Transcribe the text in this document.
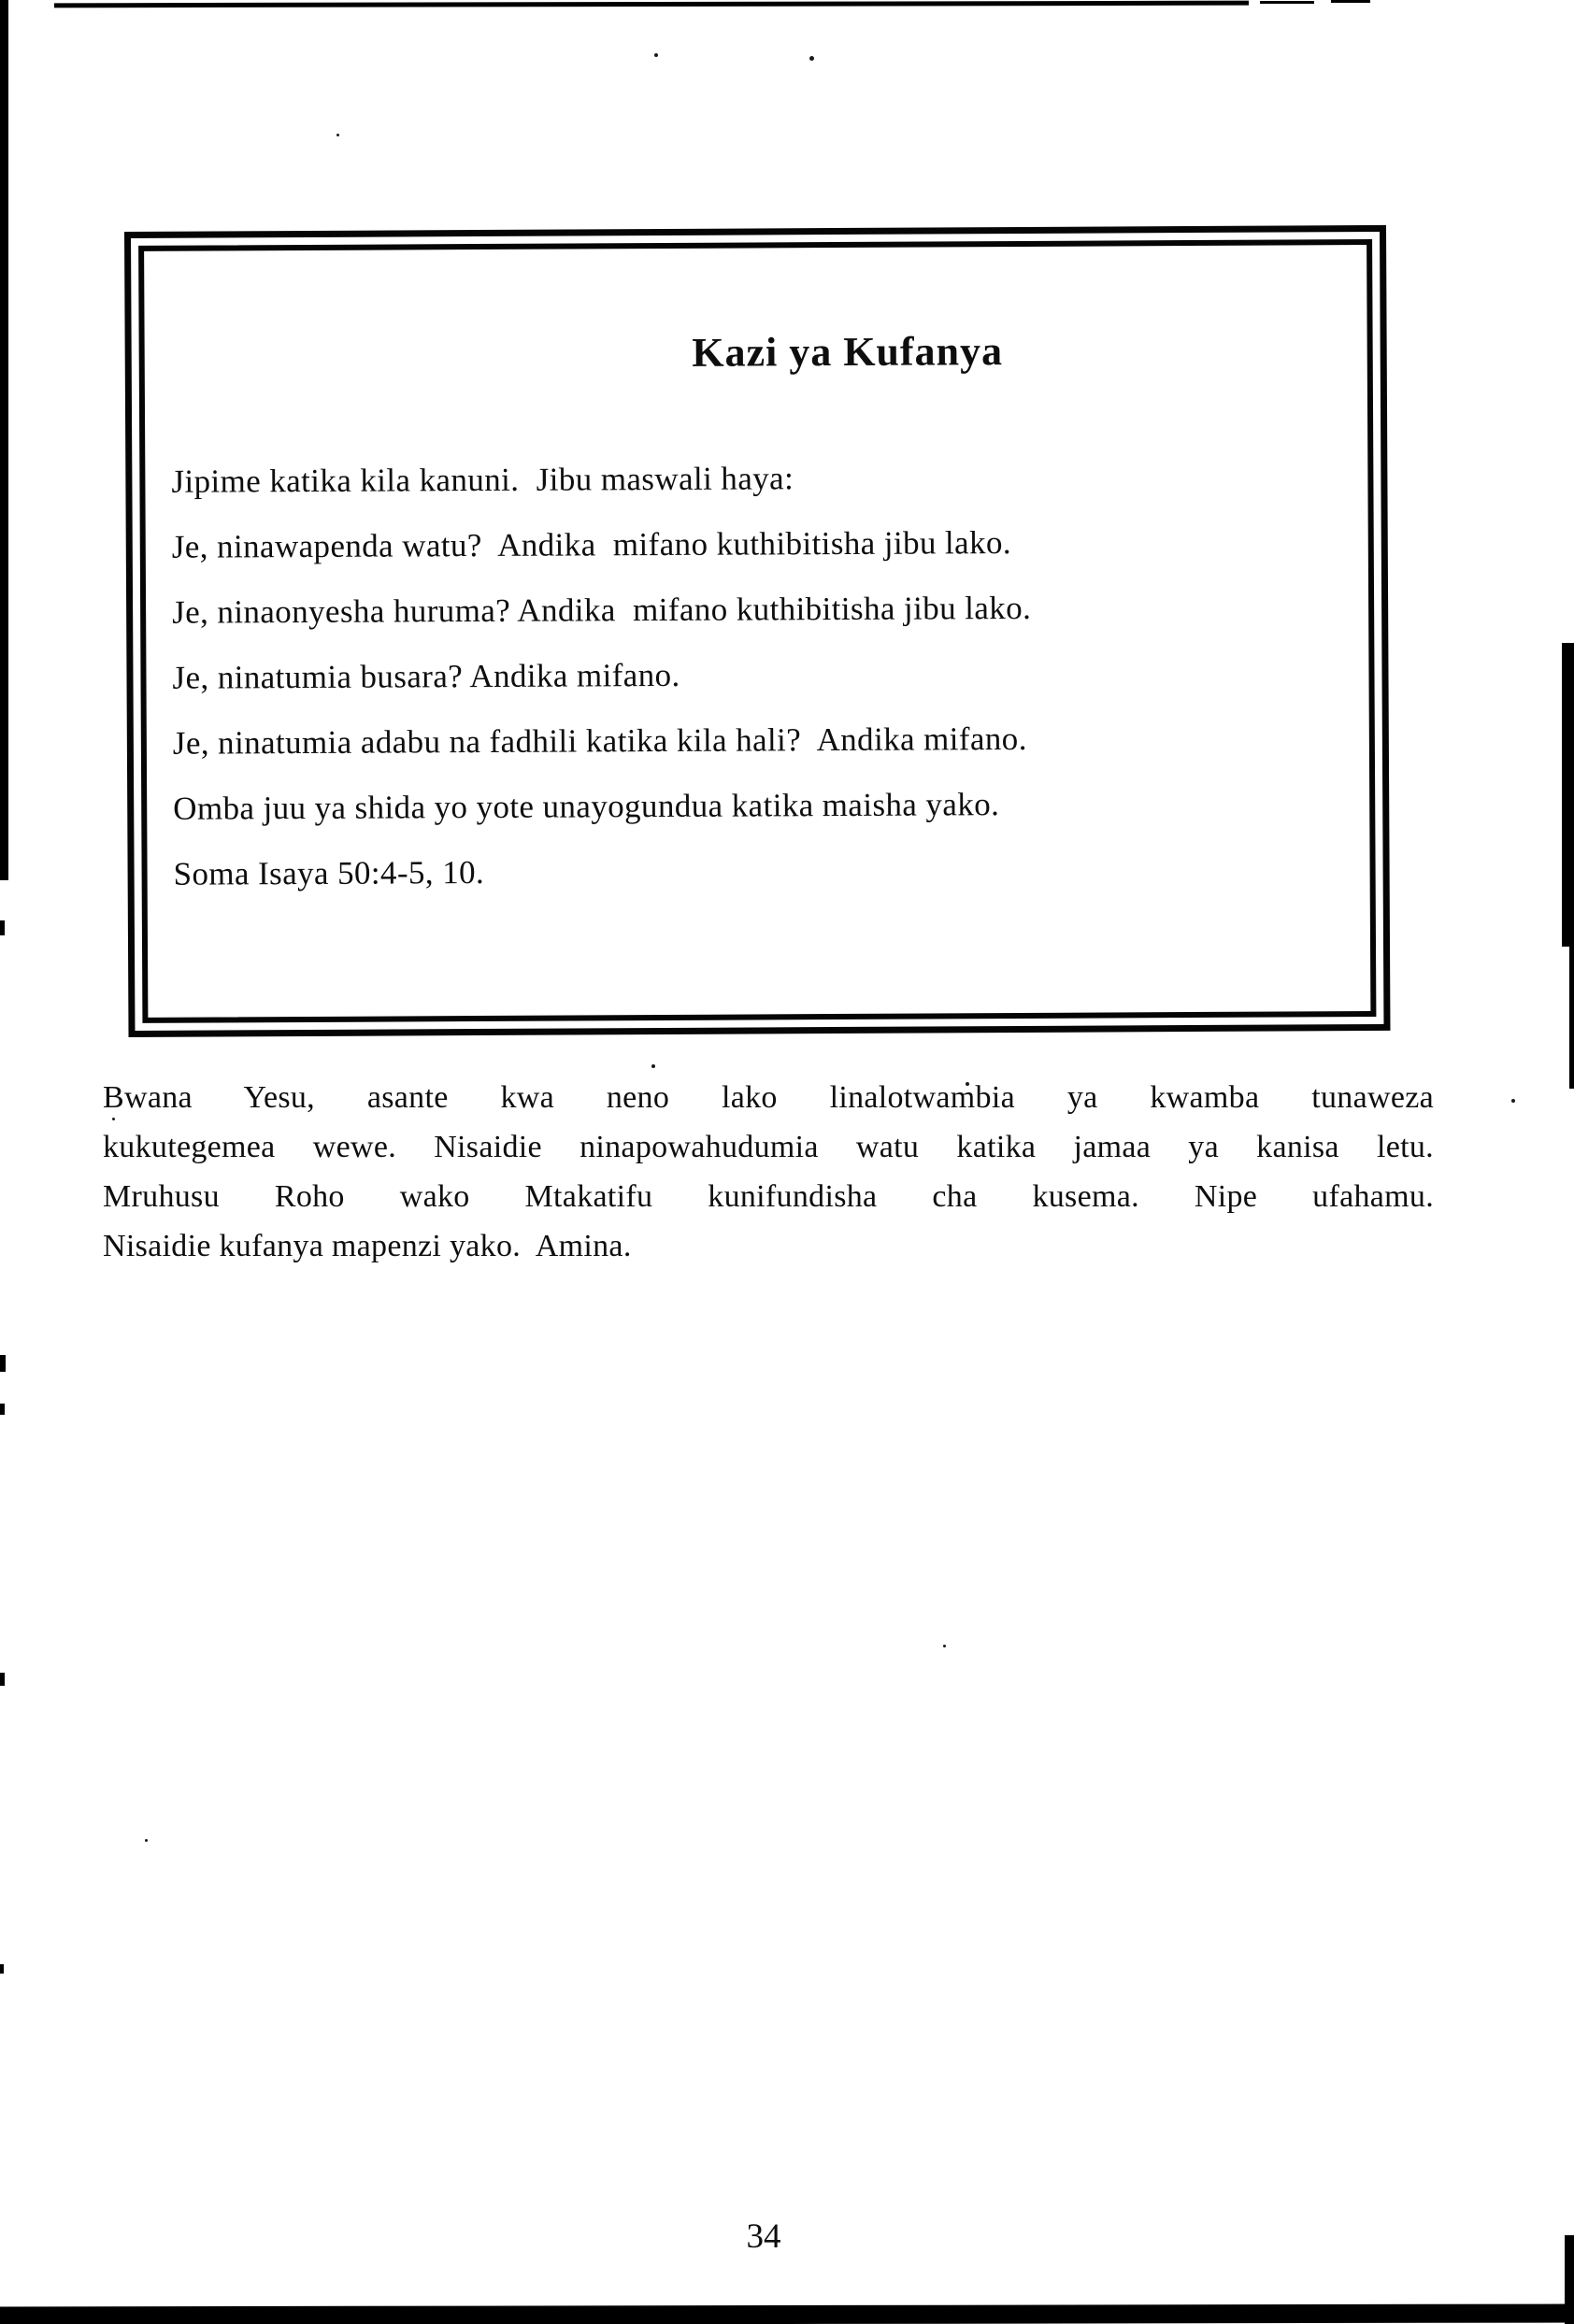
Kazi ya Kufanya
Jipime katika kila kanuni.  Jibu maswali haya:
Je, ninawapenda watu?  Andika  mifano kuthibitisha jibu lako.
Je, ninaonyesha huruma? Andika  mifano kuthibitisha jibu lako.
Je, ninatumia busara? Andika mifano.
Je, ninatumia adabu na fadhili katika kila hali?  Andika mifano.
Omba juu ya shida yo yote unayogundua katika maisha yako.
Soma Isaya 50:4-5, 10.
Bwana Yesu, asante kwa neno lako linalotwambia ya kwamba tunaweza
kukutegemea wewe. Nisaidie ninapowahudumia watu katika jamaa ya kanisa letu.
Mruhusu Roho wako Mtakatifu kunifundisha cha kusema. Nipe ufahamu.
Nisaidie kufanya mapenzi yako.  Amina.
34
